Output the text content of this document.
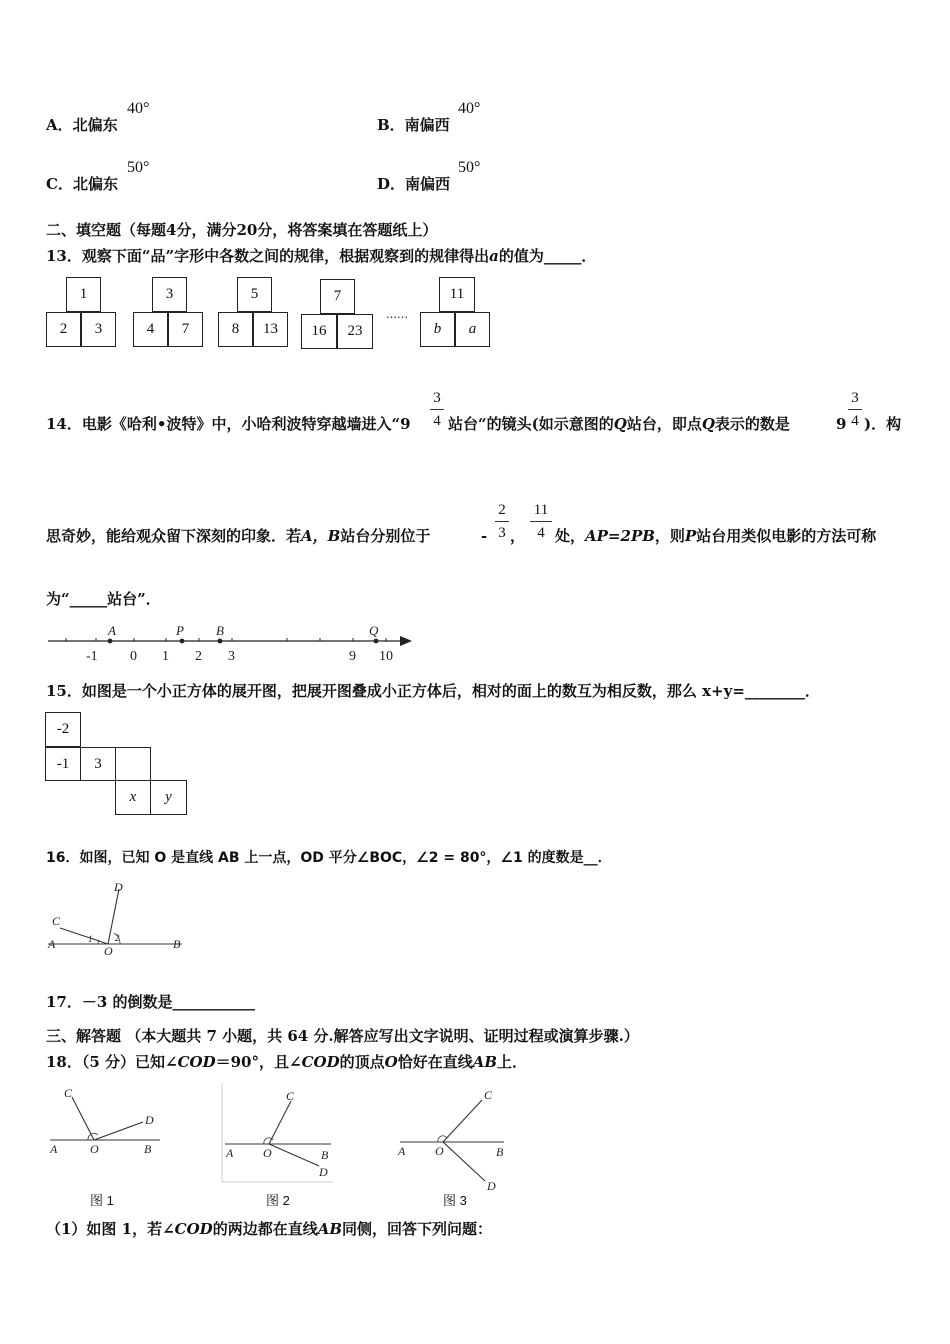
A．北偏东
40°
B．南偏西
40°
C．北偏东
50°
D．南偏西
50°
二、填空题（每题4分，满分20分，将答案填在答题纸上）
13．观察下面“品”字形中各数之间的规律，根据观察到的规律得出a的值为_____．
1
2	3
3
4	7
5
8	13
7
16	23
……
11
b	a
14．电影《哈利•波特》中，小哈利波特穿越墙进入“9
3
4 站台“的镜头(如示意图的Q站台，即点Q表示的数是	9
3
4 )．构
思奇妙，能给观众留下深刻的印象．若A，B站台分别位于	-
2
3 ，
11
4 处，AP=2PB，则P站台用类似电影的方法可称
为“_____站台”．
-1 0 1 2 3	9 10
A	P B	Q
15．如图是一个小正方体的展开图，把展开图叠成小正方体后，相对的面上的数互为相反数，那么 x+y=________．
-2
-1	3
x	y
16．如图，已知 O 是直线 AB 上一点，OD 平分∠BOC，∠2 = 80°，∠1 的度数是__．
D
C
A	1	2
O	B
17．－3 的倒数是___________
三、解答题 （本大题共 7 小题，共 64 分.解答应写出文字说明、证明过程或演算步骤.）
18．（5 分）已知∠COD＝90°，且∠COD的顶点O恰好在直线AB上．
C
D
A	O	B
图 1
C
A O	B
D
图 2
C
A O	B
D
图 3
（1）如图 1，若∠COD的两边都在直线AB同侧，回答下列问题：
